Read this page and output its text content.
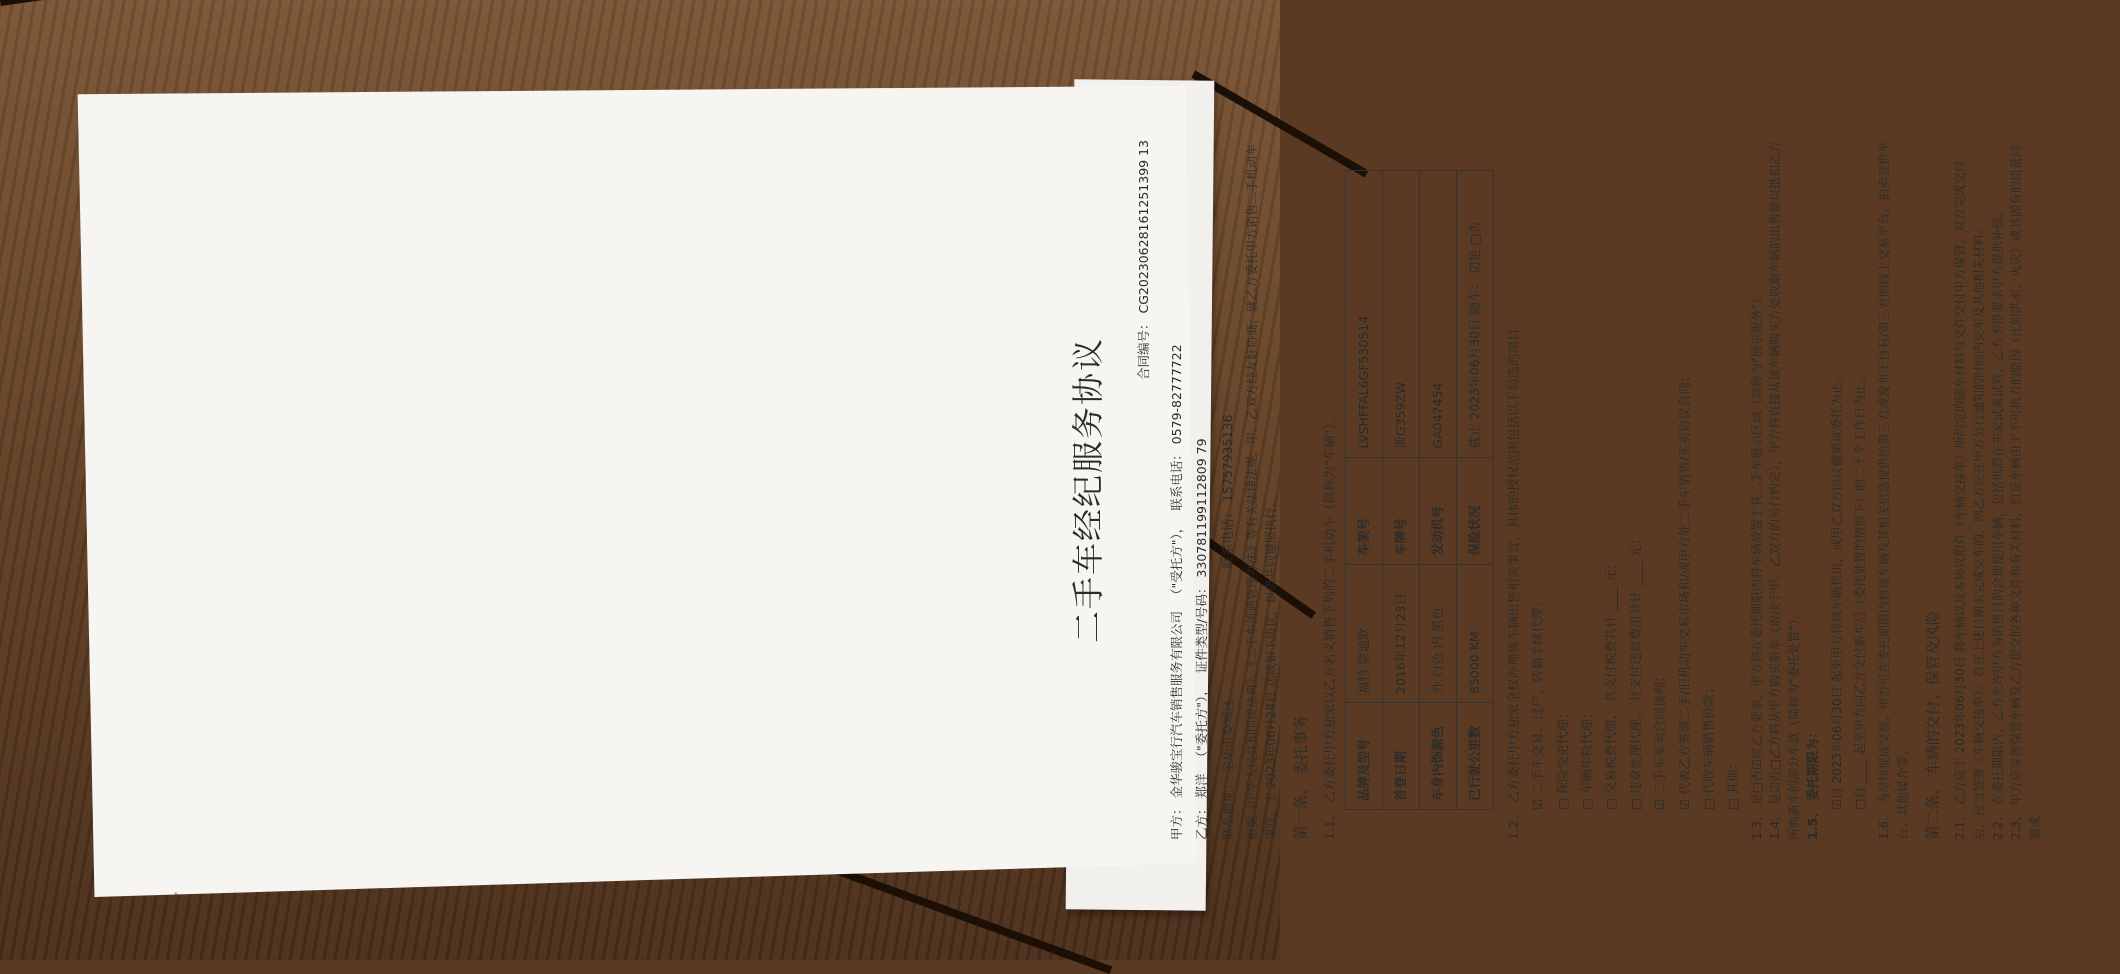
二手车经纪服务协议
合同编号： CG20230628161251399 13
甲方： 金华骏宝行汽车销售服务有限公司
（"受托方"），
联系电话： 0579-82777722
乙方： 郑洋
（"委托方"），
证件类型/号码： 330781199112809 79
联系地址： 金华市婺城区
联系电话： 15757935136 根据《中华人民共和国民法典》、《二手车流通管理办法》等有关法律法规，甲、乙双方经友好协商，就乙方委托甲方销售二手机动车事宜，于 2023年06月28日 达成如下协议，以资共同遵照执行。 第一条、 委托事务 1.1、 乙方委托甲方独家以乙方名义销售下列的二手机动车（简称为"车辆"）。 品牌及型号	福特 蒙迪欧	车架号	LVSHFFAL6GF530514
首登日期	2016年12月23日	车牌号	浙G359ZW
车身内饰颜色	外 白色 内 黑色	发动机号	GA047454
已行驶公里数	85000 KM	保险状况	截止 2023年06月30日 随车： ☑是 □否 1.2、 乙方委托甲方独家全权办理该车辆出售相关事宜，具体的授权范围包括以下勾选的项目： ☑ 二手车交易、过户、转籍手续代理； □ 保险变更代理； □ 车辆年检代理； □ 交易税费代缴， 共支付税费共计 ____ 元； □ 违章处理代理， 共支付违章费用共计 ____ 元； ☑ 二手车买卖合同谈判； ☑ 代表乙方签署二手/旧机动车交易市场和/或甲方处二手车销售/买卖协议合同； □ 代收车辆销售价款； □ 其他： 1.3、 是□否☑应乙方要求，甲方将在委托期限内将车辆放置于其二手车展示区域（简称为"展示服务"）。 1.4、 是☑否□乙方将从甲方购买新车（取决于甲、乙双方的另行约定），甲方将直接从该车辆购买方处收取车辆的出售款以抵扣乙方所购新车的部分车款（简称为"委托处置"）。 1.5、 委托期限为： ☑自 2023年06月30日 起至甲方将该车辆售出，或甲乙双方协议撤销该委托为止。 □自 ____ 起至甲方向乙方交付新车后（委托处置的情形下）的二十个工作日为止。 1.6、 为尽快促成交易，甲方可在委托期限内将该车辆及其相关信息提供给第三方或发布于自有/第三方的线上交易平台、拍卖竞价平台、其他媒介等。 第二条、 车辆的交付、保管及风险 2.1、 乙方应于 2023年06月30日 将车辆以及本协议附件《车辆交接单》所约定的随车材料与文件交付甲方保管。双方完成交付后，应当签署《车辆交接单》。若在上述日期未完成交车的，则乙方应在甲方另行通知的时间内交车及其他相关材料。 2.2、 在委托期限内，乙方允许甲方为销售目的合理使用车辆，包括供潜在买家试乘试驾，乙方不得要求甲方提供补偿。 2.3、 甲方应妥善保管车辆及乙方提交的各种文件和有关材料，但是车辆由于不可抗力的原因（比如洪水、火灾）或其固有的质量问题或
